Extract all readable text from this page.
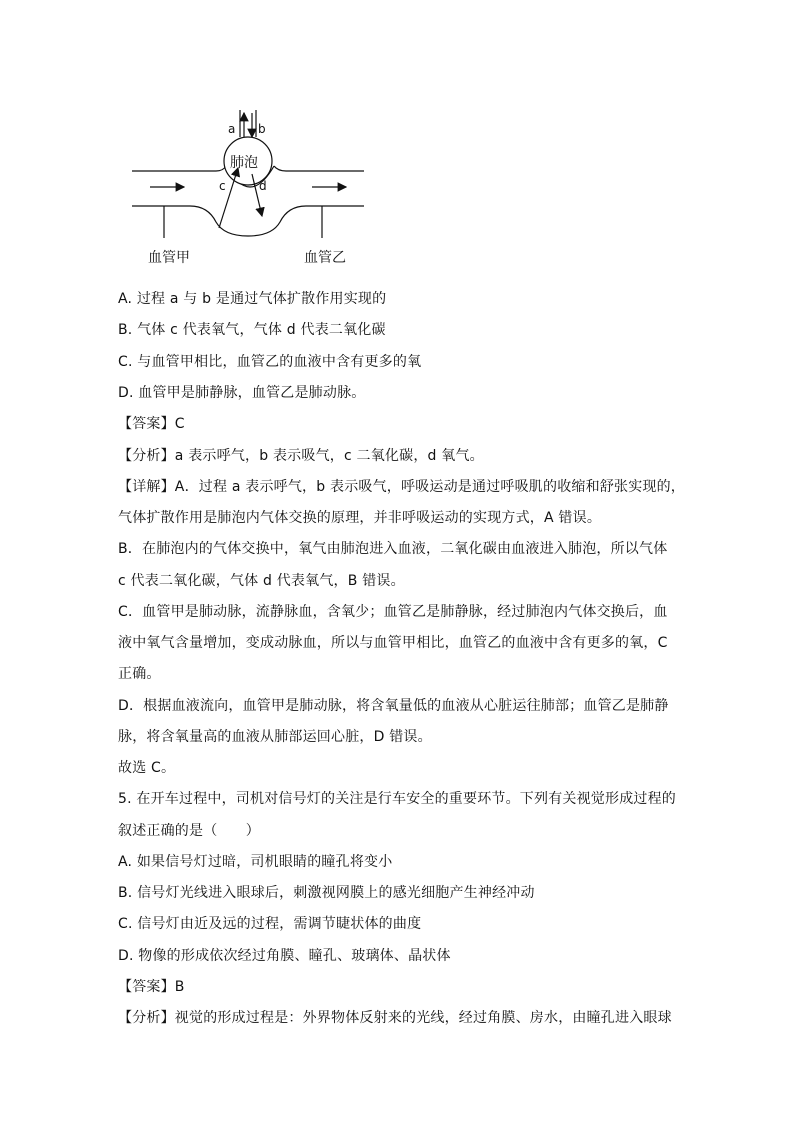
a b
肺泡
c	d
血管甲	血管乙
A. 过程 a 与 b 是通过气体扩散作用实现的
B. 气体 c 代表氧气，气体 d 代表二氧化碳
C. 与血管甲相比，血管乙的血液中含有更多的氧
D. 血管甲是肺静脉，血管乙是肺动脉。
【答案】C
【分析】a 表示呼气，b 表示吸气，c 二氧化碳，d 氧气。
【详解】A．过程 a 表示呼气，b 表示吸气，呼吸运动是通过呼吸肌的收缩和舒张实现的，
气体扩散作用是肺泡内气体交换的原理，并非呼吸运动的实现方式，A 错误。
B．在肺泡内的气体交换中，氧气由肺泡进入血液，二氧化碳由血液进入肺泡，所以气体
c 代表二氧化碳，气体 d 代表氧气，B 错误。
C．血管甲是肺动脉，流静脉血，含氧少；血管乙是肺静脉，经过肺泡内气体交换后，血
液中氧气含量增加，变成动脉血，所以与血管甲相比，血管乙的血液中含有更多的氧，C
正确。
D．根据血液流向，血管甲是肺动脉，将含氧量低的血液从心脏运往肺部；血管乙是肺静
脉，将含氧量高的血液从肺部运回心脏，D 错误。
故选 C。
5. 在开车过程中，司机对信号灯的关注是行车安全的重要环节。下列有关视觉形成过程的
叙述正确的是（　　）
A. 如果信号灯过暗，司机眼睛的瞳孔将变小
B. 信号灯光线进入眼球后，刺激视网膜上的感光细胞产生神经冲动
C. 信号灯由近及远的过程，需调节睫状体的曲度
D. 物像的形成依次经过角膜、瞳孔、玻璃体、晶状体
【答案】B
【分析】视觉的形成过程是：外界物体反射来的光线，经过角膜、房水，由瞳孔进入眼球
